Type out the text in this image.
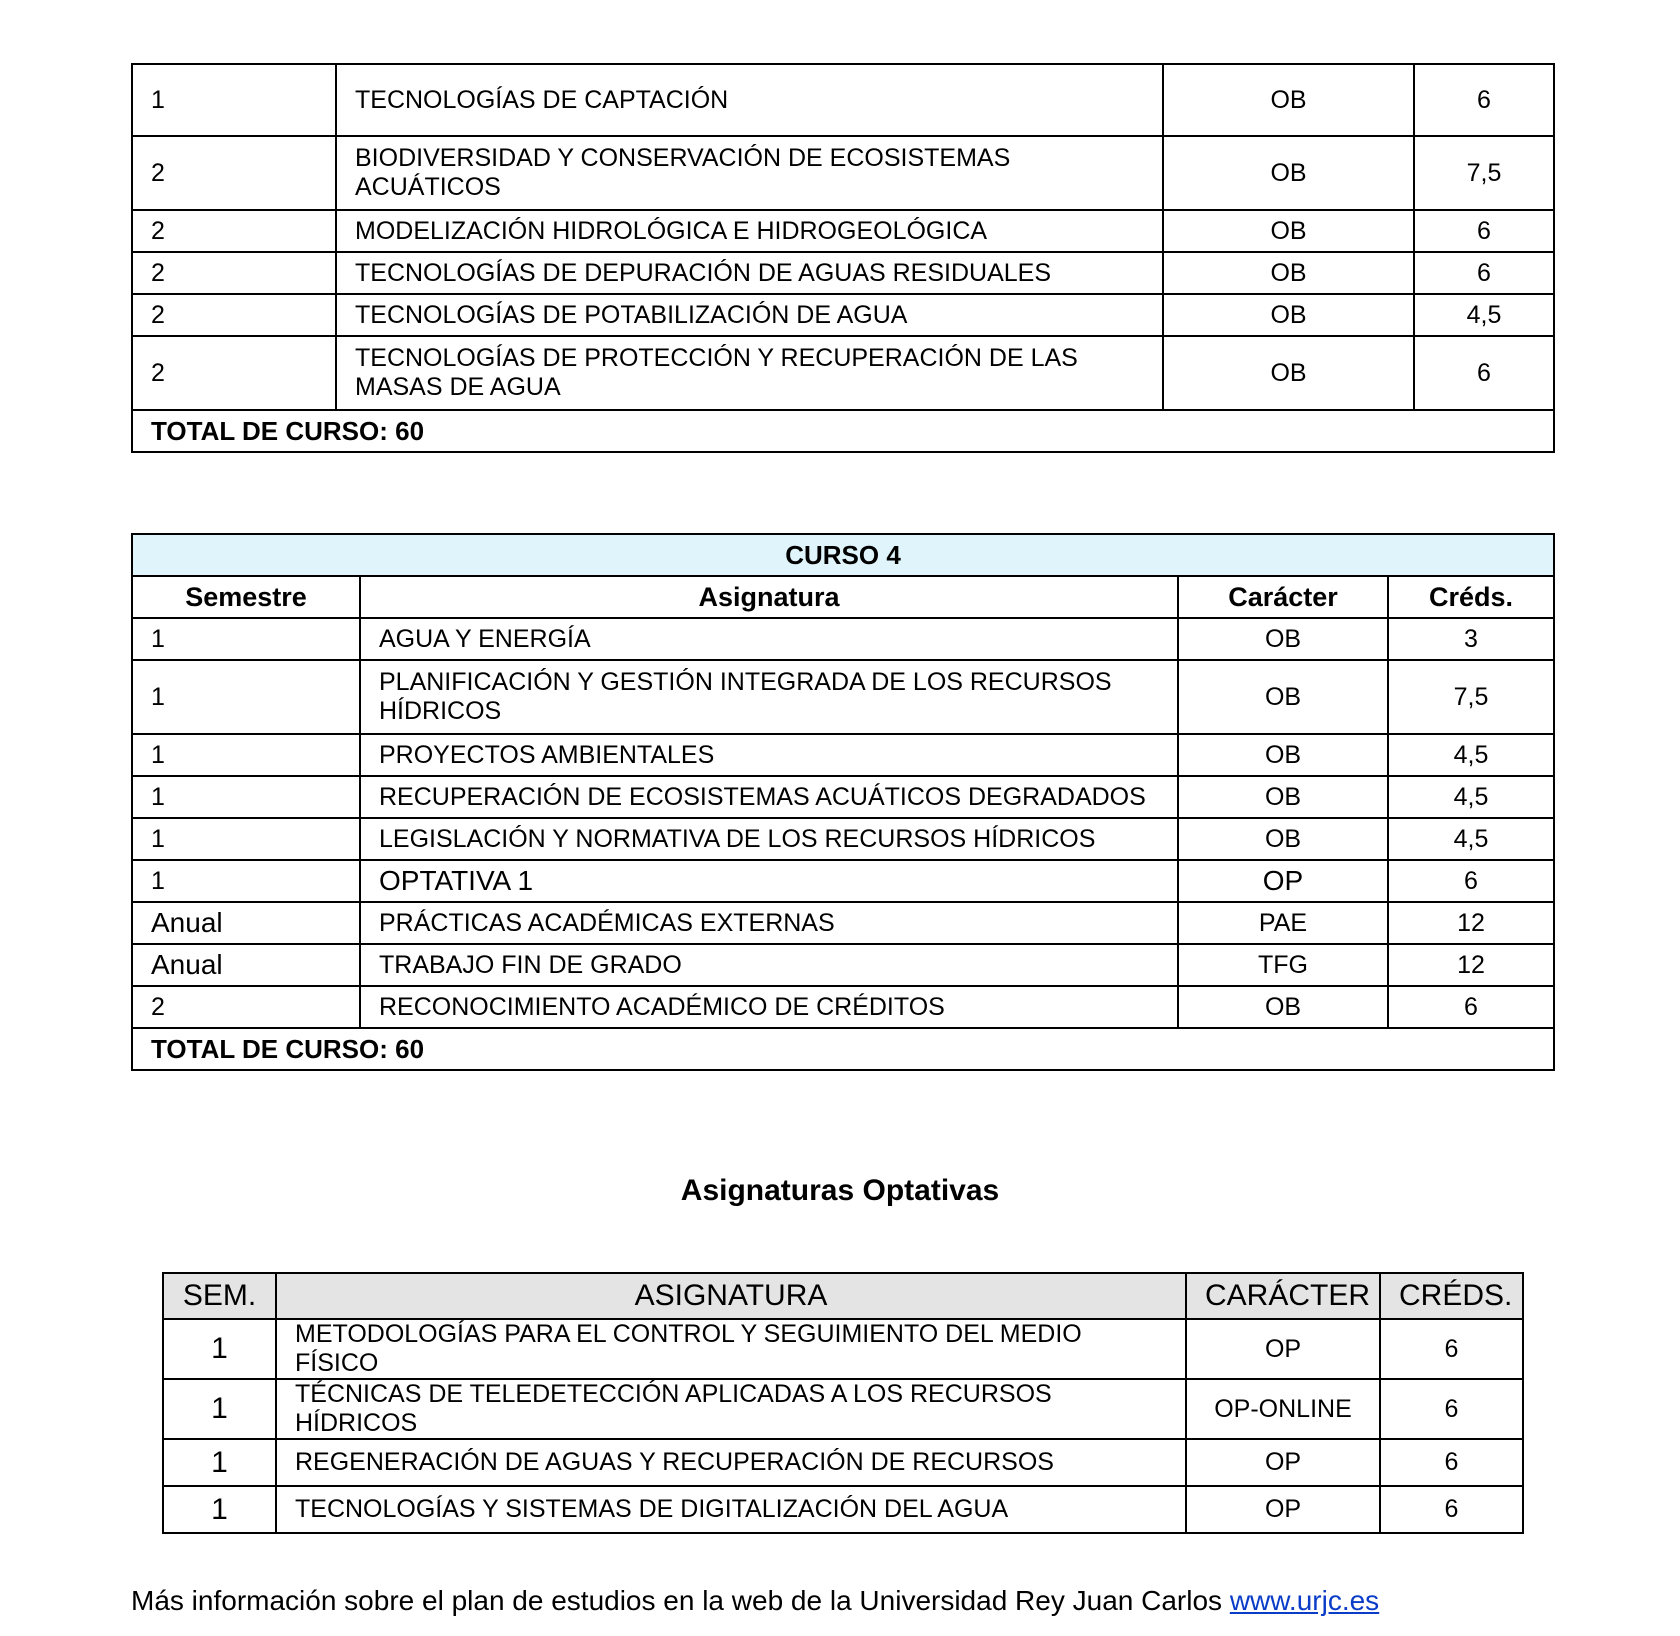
1	TECNOLOGÍAS DE CAPTACIÓN	OB	6
2	BIODIVERSIDAD Y CONSERVACIÓN DE ECOSISTEMAS ACUÁTICOS	OB	7,5
2	MODELIZACIÓN HIDROLÓGICA E HIDROGEOLÓGICA	OB	6
2	TECNOLOGÍAS DE DEPURACIÓN DE AGUAS RESIDUALES	OB	6
2	TECNOLOGÍAS DE POTABILIZACIÓN DE AGUA	OB	4,5
2	TECNOLOGÍAS DE PROTECCIÓN Y RECUPERACIÓN DE LAS MASAS DE AGUA	OB	6
TOTAL DE CURSO: 60			
CURSO 4			
Semestre	Asignatura	Carácter	Créds.
1	AGUA Y ENERGÍA	OB	3
1	PLANIFICACIÓN Y GESTIÓN INTEGRADA DE LOS RECURSOS HÍDRICOS	OB	7,5
1	PROYECTOS AMBIENTALES	OB	4,5
1	RECUPERACIÓN DE ECOSISTEMAS ACUÁTICOS DEGRADADOS	OB	4,5
1	LEGISLACIÓN Y NORMATIVA DE LOS RECURSOS HÍDRICOS	OB	4,5
1	OPTATIVA 1	OP	6
Anual	PRÁCTICAS ACADÉMICAS EXTERNAS	PAE	12
Anual	TRABAJO FIN DE GRADO	TFG	12
2	RECONOCIMIENTO ACADÉMICO DE CRÉDITOS	OB	6
TOTAL DE CURSO: 60			
Asignaturas Optativas
SEM.	ASIGNATURA	CARÁCTER	CRÉDS.
1	METODOLOGÍAS PARA EL CONTROL Y SEGUIMIENTO DEL MEDIO FÍSICO	OP	6
1	TÉCNICAS DE TELEDETECCIÓN APLICADAS A LOS RECURSOS HÍDRICOS	OP-ONLINE	6
1	REGENERACIÓN DE AGUAS Y RECUPERACIÓN DE RECURSOS	OP	6
1	TECNOLOGÍAS Y SISTEMAS DE DIGITALIZACIÓN DEL AGUA	OP	6
Más información sobre el plan de estudios en la web de la Universidad Rey Juan Carlos www.urjc.es
